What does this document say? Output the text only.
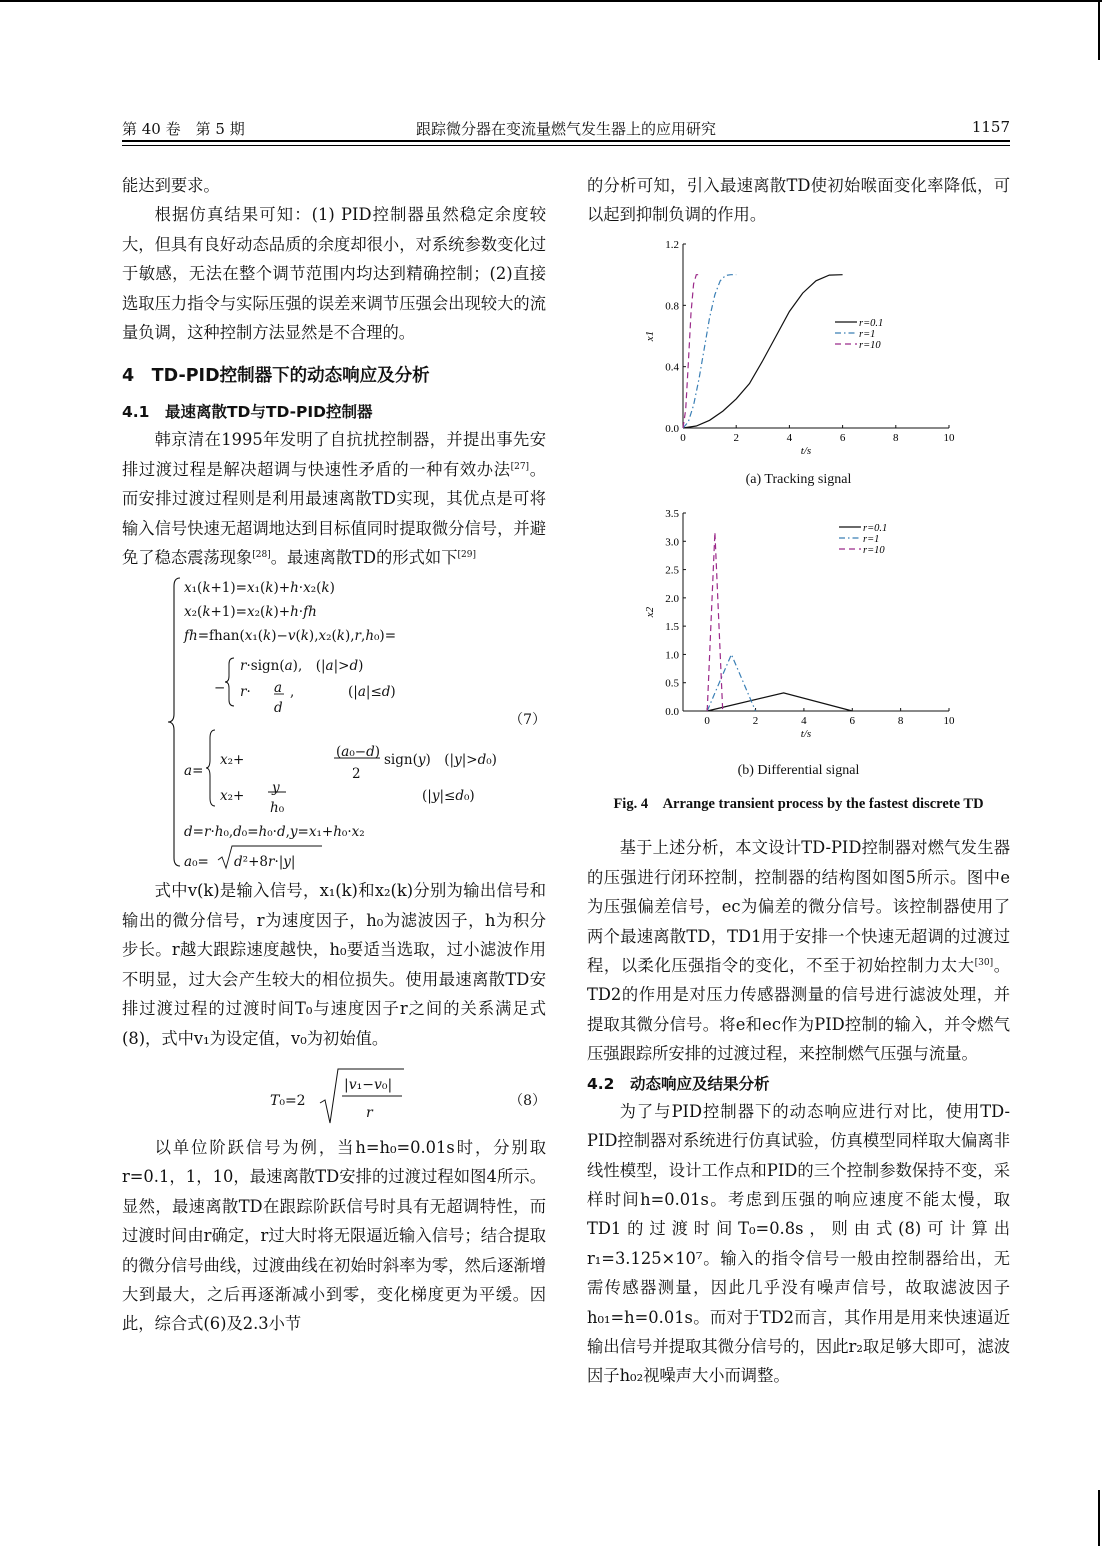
第 40 卷　第 5 期	跟踪微分器在变流量燃气发生器上的应用研究	1157

能达到要求。

根据仿真结果可知：(1) PID控制器虽然稳定余度较大，但具有良好动态品质的余度却很小，对系统参数变化过于敏感，无法在整个调节范围内均达到精确控制；(2)直接选取压力指令与实际压强的误差来调节压强会出现较大的流量负调，这种控制方法显然是不合理的。

4　TD-PID控制器下的动态响应及分析
4.1　最速离散TD与TD-PID控制器

韩京清在1995年发明了自抗扰控制器，并提出事先安排过渡过程是解决超调与快速性矛盾的一种有效办法[27]。而安排过渡过程则是利用最速离散TD实现，其优点是可将输入信号快速无超调地达到目标值同时提取微分信号，并避免了稳态震荡现象[28]。最速离散TD的形式如下[29]

x₁(k+1)=x₁(k)+h·x₂(k)
x₂(k+1)=x₂(k)+h·fh
fh=fhan(x₁(k)−v(k),x₂(k),r,h₀)=
−
r·sign(a),　(|a|>d)
r· a
d
,	(|a|≤d)
a=
x₂+	(a₀−d)
2
sign(y)　(|y|>d₀)
x₂+ y
h₀
(|y|≤d₀)
d=r·h₀,d₀=h₀·d,y=x₁+h₀·x₂
a₀= d²+8r·|y|
（7）

式中v(k)是输入信号，x₁(k)和x₂(k)分别为输出信号和输出的微分信号，r为速度因子，h₀为滤波因子，h为积分步长。r越大跟踪速度越快，h₀要适当选取，过小滤波作用不明显，过大会产生较大的相位损失。使用最速离散TD安排过渡过程的过渡时间T₀与速度因子r之间的关系满足式(8)，式中v₁为设定值，v₀为初始值。

T₀=2
|v₁−v₀|
r
（8）

以单位阶跃信号为例，当h=h₀=0.01s时，分别取r=0.1，1，10，最速离散TD安排的过渡过程如图4所示。显然，最速离散TD在跟踪阶跃信号时具有无超调特性，而过渡时间由r确定，r过大时将无限逼近输入信号；结合提取的微分信号曲线，过渡曲线在初始时斜率为零，然后逐渐增大到最大，之后再逐渐减小到零，变化梯度更为平缓。因此，综合式(6)及2.3小节

的分析可知，引入最速离散TD使初始喉面变化率降低，可以起到抑制负调的作用。

0	2	4	6	8	10
0.0
0.4
0.8
1.2
t/s
x1
r=0.1
r=1
r=10
(a) Tracking signal
0	2	4	6	8	10
0.0
0.5
1.0
1.5
2.0
2.5
3.0
3.5
t/s
x2
r=0.1
r=1
r=10
(b) Differential signal
Fig. 4　Arrange transient process by the fastest discrete TD

基于上述分析，本文设计TD-PID控制器对燃气发生器的压强进行闭环控制，控制器的结构图如图5所示。图中e为压强偏差信号，ec为偏差的微分信号。该控制器使用了两个最速离散TD，TD1用于安排一个快速无超调的过渡过程，以柔化压强指令的变化，不至于初始控制力太大[30]。TD2的作用是对压力传感器测量的信号进行滤波处理，并提取其微分信号。将e和ec作为PID控制的输入，并令燃气压强跟踪所安排的过渡过程，来控制燃气压强与流量。

4.2　动态响应及结果分析

为了与PID控制器下的动态响应进行对比，使用TD-PID控制器对系统进行仿真试验，仿真模型同样取大偏离非线性模型，设计工作点和PID的三个控制参数保持不变，采样时间h=0.01s。考虑到压强的响应速度不能太慢，取TD1的过渡时间T₀=0.8s，则由式(8)可计算出r₁=3.125×10⁷。输入的指令信号一般由控制器给出，无需传感器测量，因此几乎没有噪声信号，故取滤波因子h₀₁=h=0.01s。而对于TD2而言，其作用是用来快速逼近输出信号并提取其微分信号的，因此r₂取足够大即可，滤波因子h₀₂视噪声大小而调整。
